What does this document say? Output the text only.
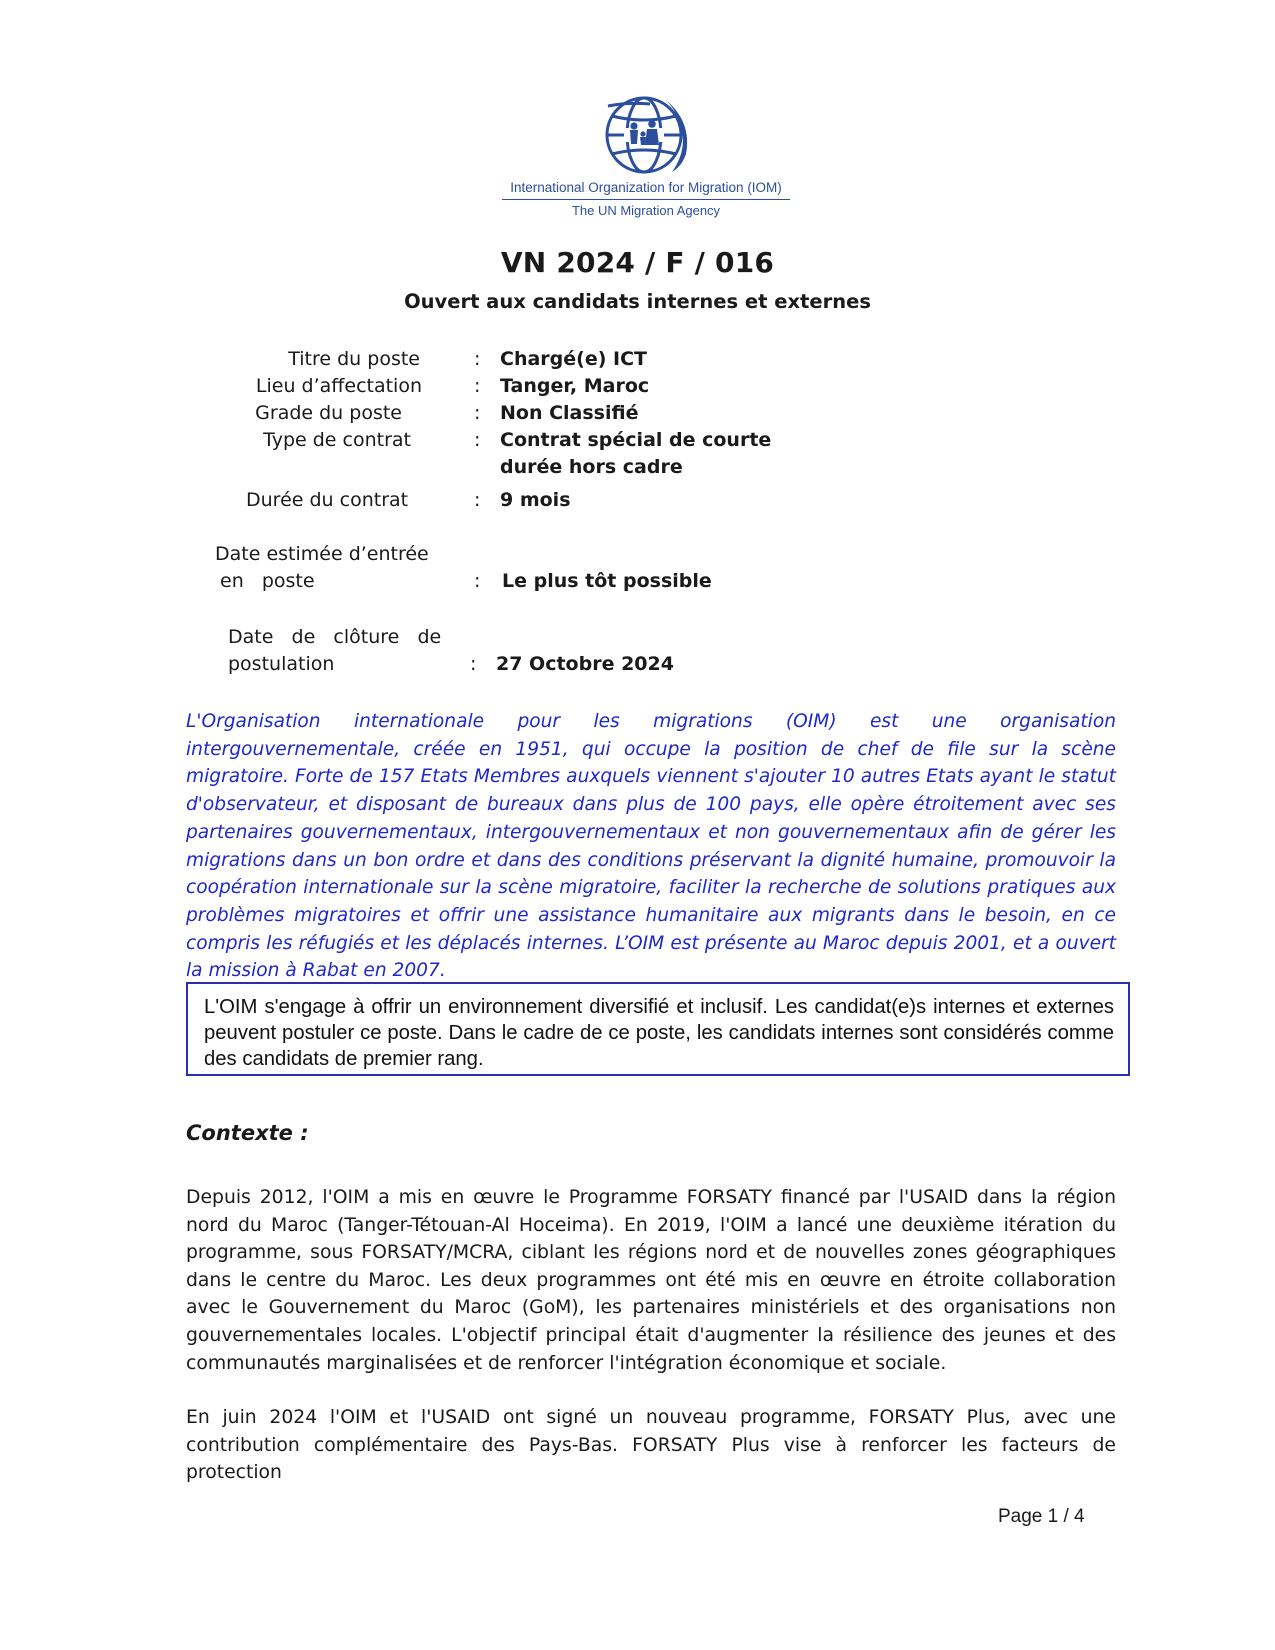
International Organization for Migration (IOM)
The UN Migration Agency
VN 2024 / F / 016
Ouvert aux candidats internes et externes
Titre du poste	: Chargé(e) ICT
Lieu d’affectation	: Tanger, Maroc
Grade du poste	: Non Classifié
Type de contrat	: Contrat spécial de courte
durée hors cadre
Durée du contrat	: 9 mois
Date estimée d’entrée
en   poste	: Le plus tôt possible
Date   de   clôture   de
postulation	: 27 Octobre 2024
L'Organisation internationale pour les migrations (OIM) est une organisation intergouvernementale, créée en 1951, qui occupe la position de chef de file sur la scène migratoire. Forte de 157 Etats Membres auxquels viennent s'ajouter 10 autres Etats ayant le statut d'observateur, et disposant de bureaux dans plus de 100 pays, elle opère étroitement avec ses partenaires gouvernementaux, intergouvernementaux et non gouvernementaux afin de gérer les migrations dans un bon ordre et dans des conditions préservant la dignité humaine, promouvoir la coopération internationale sur la scène migratoire, faciliter la recherche de solutions pratiques aux problèmes migratoires et offrir une assistance humanitaire aux migrants dans le besoin, en ce compris les réfugiés et les déplacés internes. L’OIM est présente au Maroc depuis 2001, et a ouvert la mission à Rabat en 2007.
L'OIM s'engage à offrir un environnement diversifié et inclusif. Les candidat(e)s internes et externes peuvent postuler ce poste. Dans le cadre de ce poste, les candidats internes sont considérés comme des candidats de premier rang.
Contexte :
Depuis 2012, l'OIM a mis en œuvre le Programme FORSATY financé par l'USAID dans la région nord du Maroc (Tanger-Tétouan-Al Hoceima). En 2019, l'OIM a lancé une deuxième itération du programme, sous FORSATY/MCRA, ciblant les régions nord et de nouvelles zones géographiques dans le centre du Maroc. Les deux programmes ont été mis en œuvre en étroite collaboration avec le Gouvernement du Maroc (GoM), les partenaires ministériels et des organisations non gouvernementales locales. L'objectif principal était d'augmenter la résilience des jeunes et des communautés marginalisées et de renforcer l'intégration économique et sociale.
En juin 2024 l'OIM et l'USAID ont signé un nouveau programme, FORSATY Plus, avec une contribution complémentaire des Pays-Bas. FORSATY Plus vise à renforcer les facteurs de protection
Page 1 / 4
